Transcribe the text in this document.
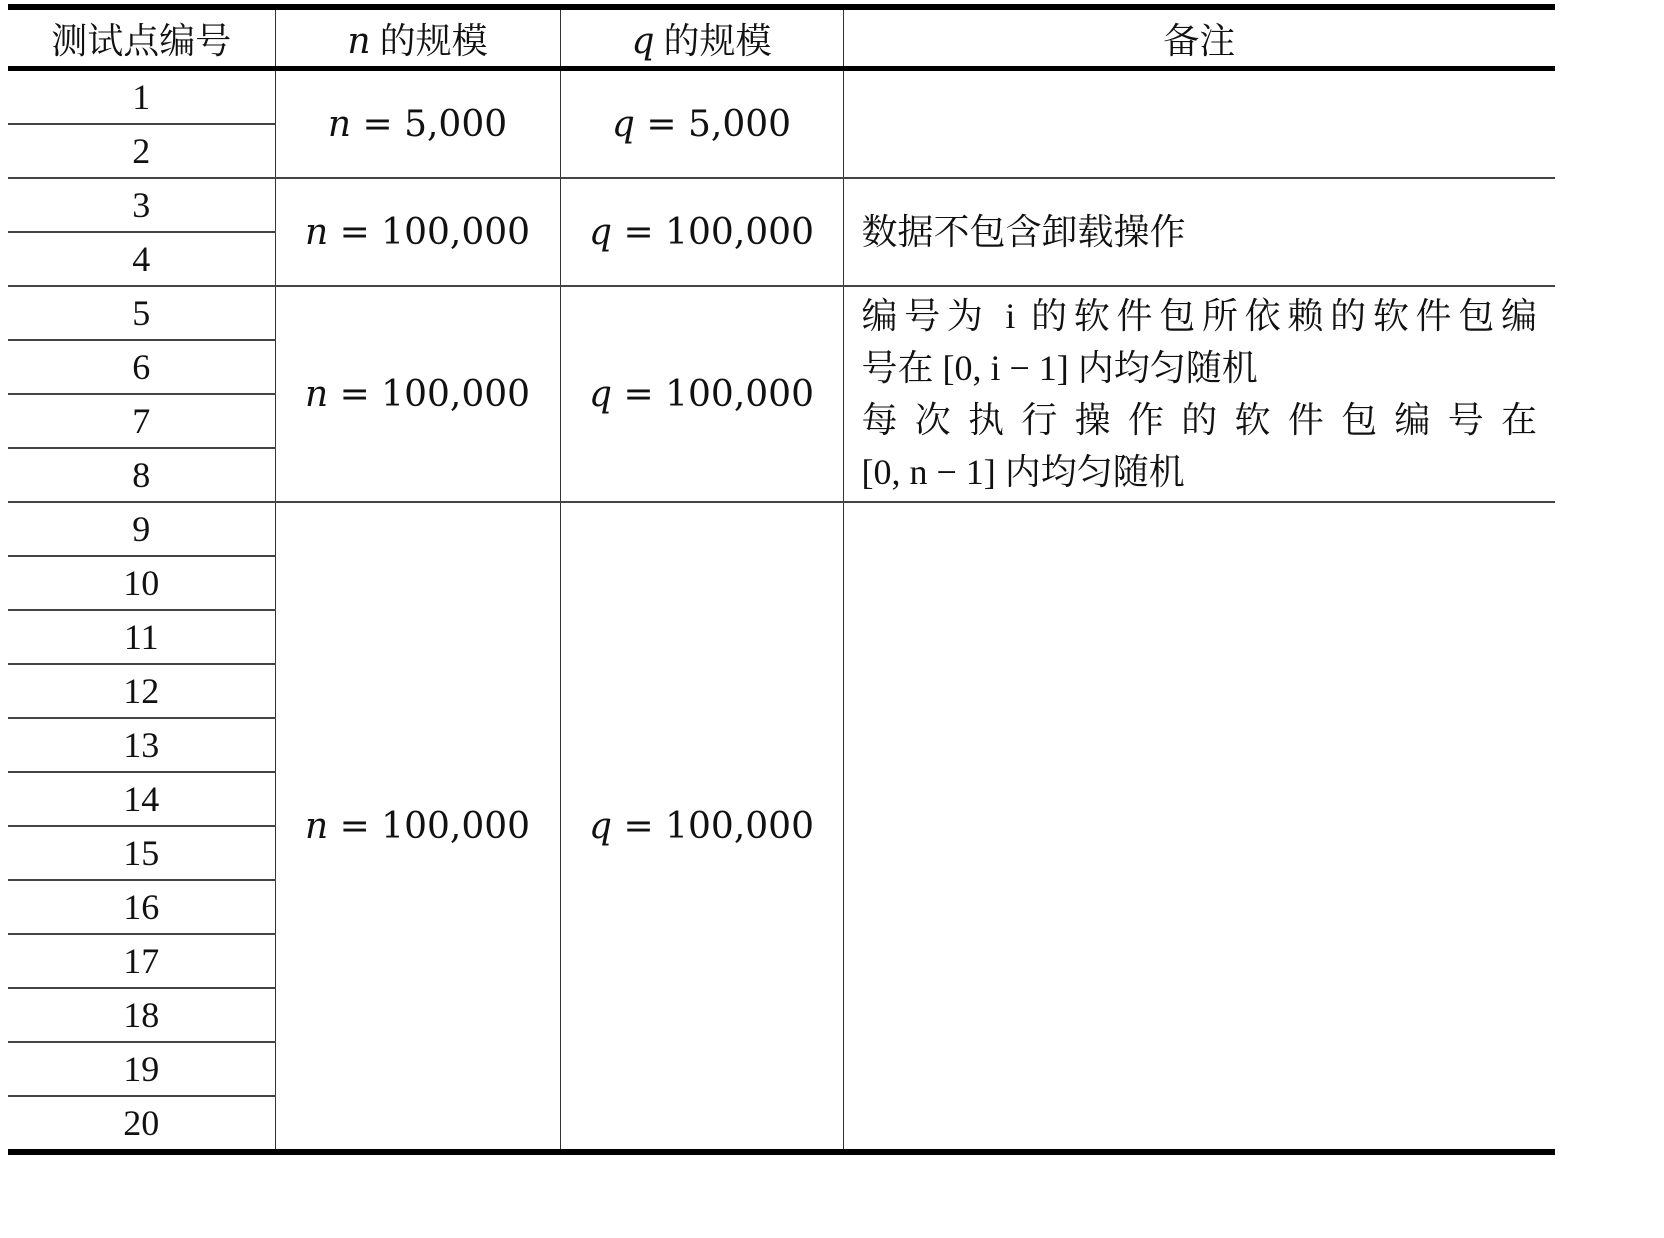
测试点编号	n 的规模	q 的规模	备注
1	n = 5,000	q = 5,000	
2			
3	n = 100,000	q = 100,000	数据不包含卸载操作

4			
5	n = 100,000	q = 100,000	编号为 i 的软件包所依赖的软件包编
号在 [0, i − 1] 内均匀随机
每次执行操作的软件包编号在
[0, n − 1] 内均匀随机

6			
7			
8			
9	n = 100,000	q = 100,000	
10			
11			
12			
13			
14			
15			
16			
17			
18			
19			
20			
